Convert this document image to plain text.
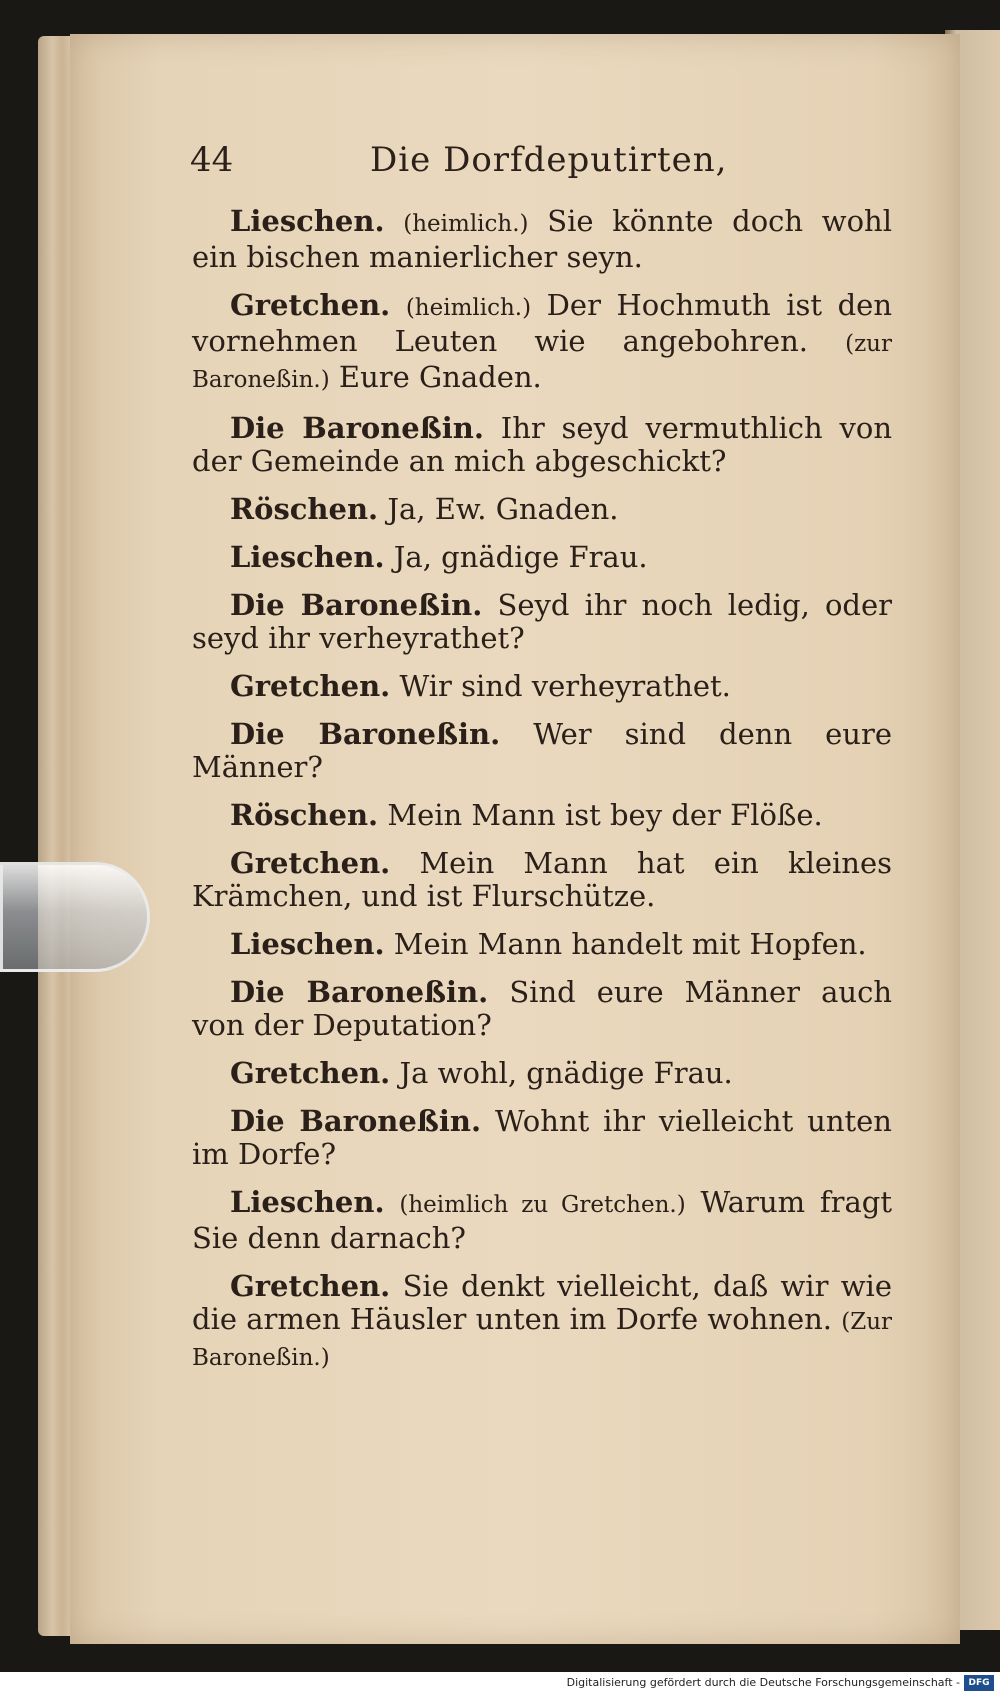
44	Die Dorfdeputirten,

Lieschen. (heimlich.) Sie könnte doch wohl ein bischen manierlicher seyn.

Gretchen. (heimlich.) Der Hochmuth ist den vornehmen Leuten wie angebohren. (zur Baroneßin.) Eure Gnaden.

Die Baroneßin. Ihr seyd vermuthlich von der Gemeinde an mich abgeschickt?

Röschen. Ja, Ew. Gnaden.

Lieschen. Ja, gnädige Frau.

Die Baroneßin. Seyd ihr noch ledig, oder seyd ihr verheyrathet?

Gretchen. Wir sind verheyrathet.

Die Baroneßin. Wer sind denn eure Männer?

Röschen. Mein Mann ist bey der Flöße.

Gretchen. Mein Mann hat ein kleines Krämchen, und ist Flurschütze.

Lieschen. Mein Mann handelt mit Hopfen.

Die Baroneßin. Sind eure Männer auch von der Deputation?

Gretchen. Ja wohl, gnädige Frau.

Die Baroneßin. Wohnt ihr vielleicht unten im Dorfe?

Lieschen. (heimlich zu Gretchen.) Warum fragt Sie denn darnach?

Gretchen. Sie denkt vielleicht, daß wir wie die armen Häusler unten im Dorfe wohnen. (Zur Baroneßin.)

Digitalisierung gefördert durch die Deutsche Forschungsgemeinschaft - DFG
